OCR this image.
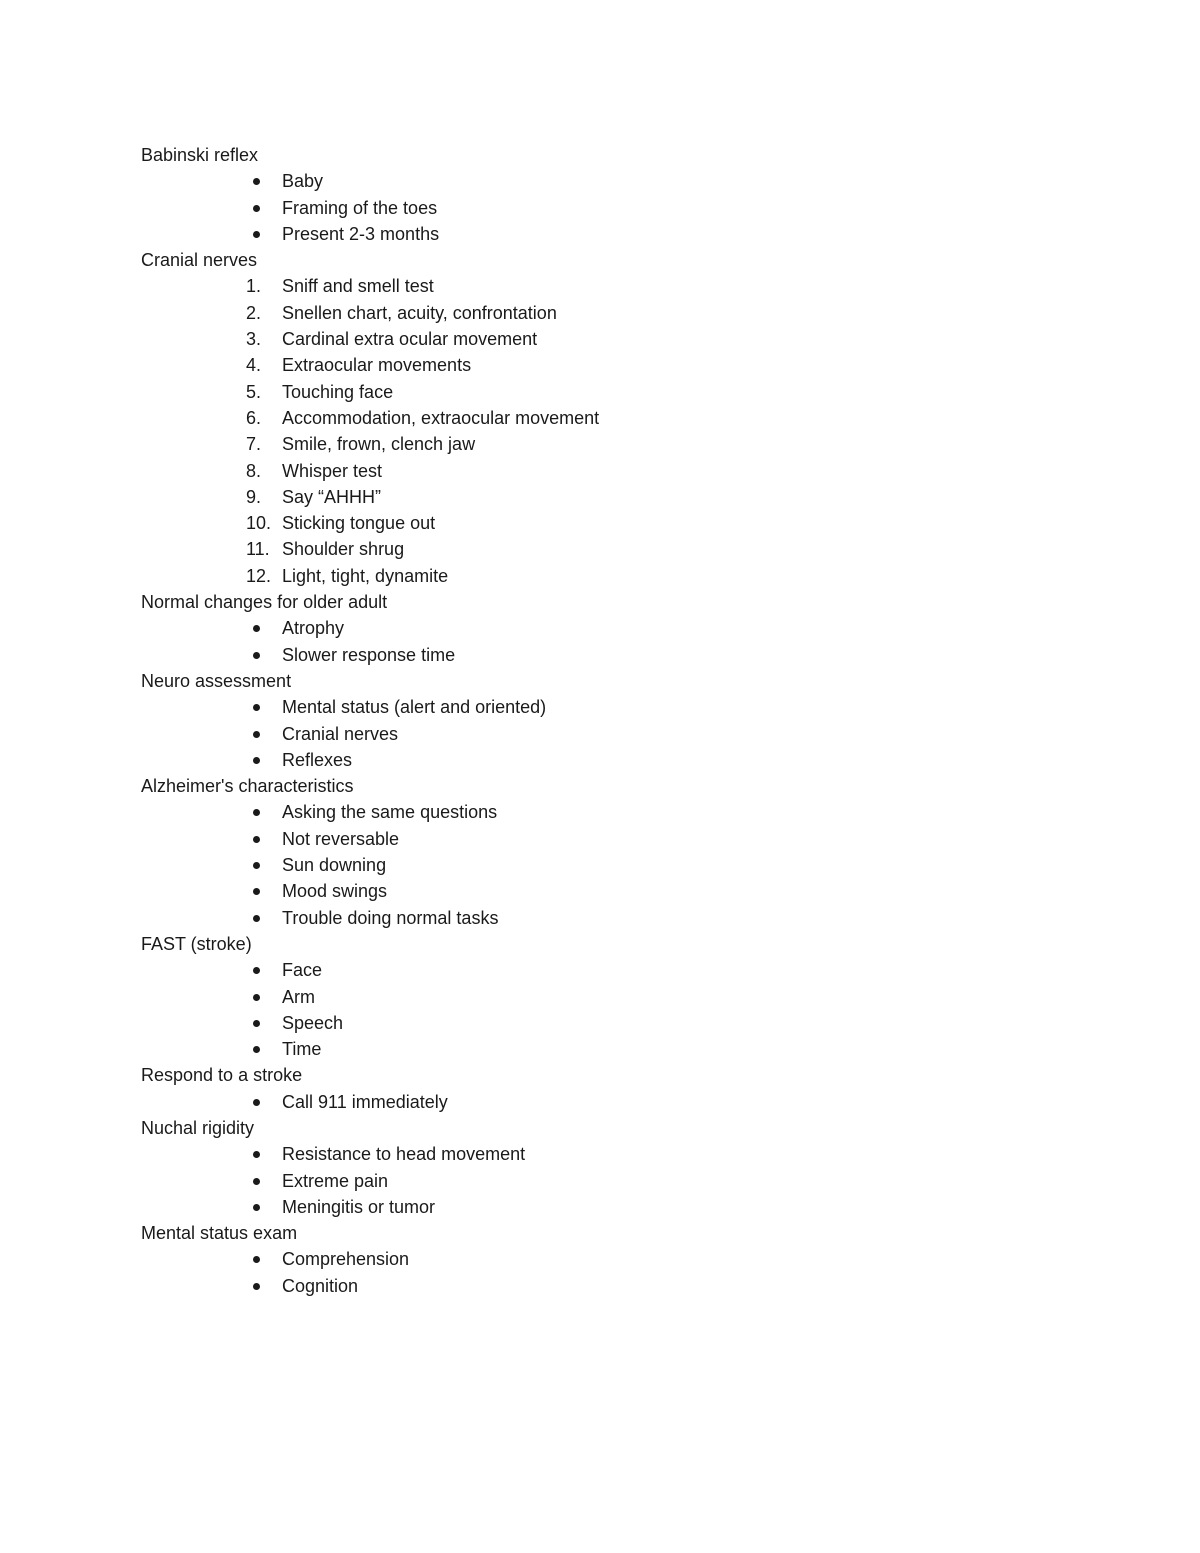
Babinski reflex
Baby
Framing of the toes
Present 2-3 months
Cranial nerves
1.	Sniff and smell test
2.	Snellen chart, acuity, confrontation
3.	Cardinal extra ocular movement
4.	Extraocular movements
5.	Touching face
6.	Accommodation, extraocular movement
7.	Smile, frown, clench jaw
8.	Whisper test
9.	Say “AHHH”
10. Sticking tongue out
11. Shoulder shrug
12. Light, tight, dynamite
Normal changes for older adult
Atrophy
Slower response time
Neuro assessment
Mental status (alert and oriented)
Cranial nerves
Reflexes
Alzheimer's characteristics
Asking the same questions
Not reversable
Sun downing
Mood swings
Trouble doing normal tasks
FAST (stroke)
Face
Arm
Speech
Time
Respond to a stroke
Call 911 immediately
Nuchal rigidity
Resistance to head movement
Extreme pain
Meningitis or tumor
Mental status exam
Comprehension
Cognition
